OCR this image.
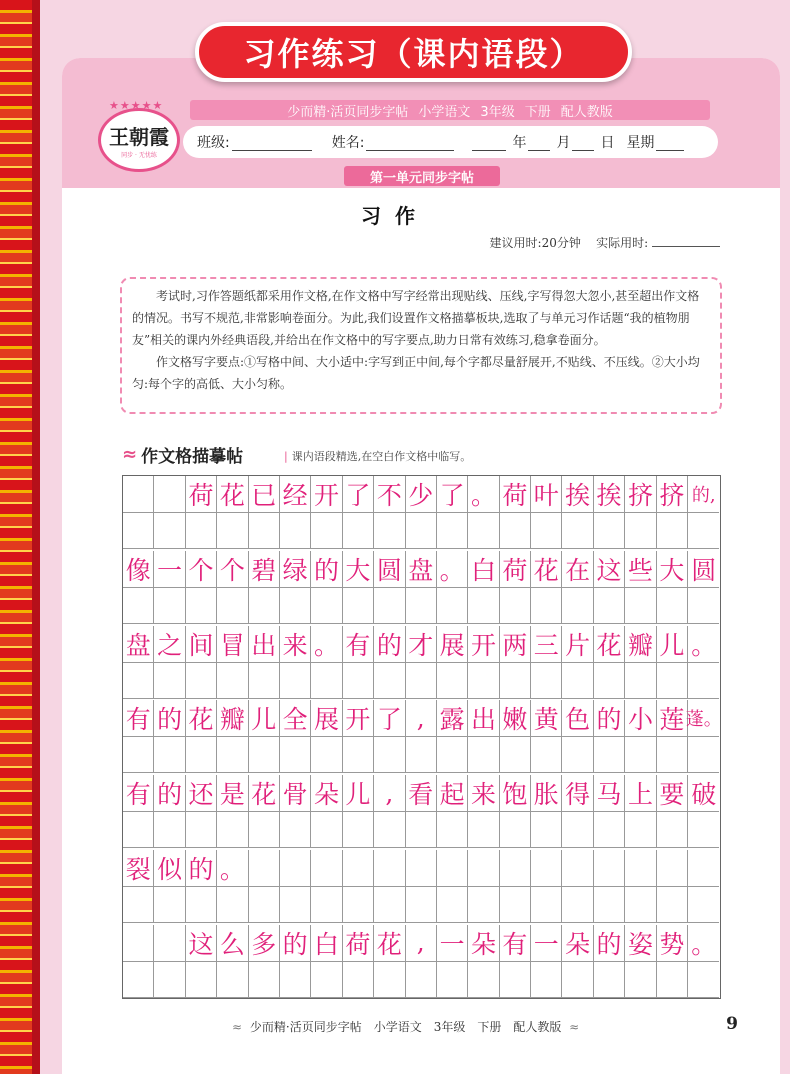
习作练习（课内语段）
少而精·活页同步字帖 小学语文 3年级 下册 配人教版
★★★★★
王朝霞
同步 · 无忧练
班级:	姓名:	年 月 日 星期
第一单元同步字帖
习作
建议用时:20分钟 实际用时:

考试时,习作答题纸都采用作文格,在作文格中写字经常出现贴线、压线,字写得忽大忽小,甚至超出作文格的情况。书写不规范,非常影响卷面分。为此,我们设置作文格描摹板块,选取了与单元习作话题“我的植物朋友”相关的课内外经典语段,并给出在作文格中的写字要点,助力日常有效练习,稳拿卷面分。

作文格写字要点:①写格中间、大小适中:字写到正中间,每个字都尽量舒展开,不贴线、不压线。②大小均匀:每个字的高低、大小匀称。

≈ 作文格描摹帖
|	课内语段精选,在空白作文格中临写。
荷 花 已 经 开 了 不 少 了 。 荷 叶 挨 挨 挤 挤 的,
像 一 个 个 碧 绿 的 大 圆 盘 。 白 荷 花 在 这 些 大 圆
盘 之 间 冒 出 来 。 有 的 才 展 开 两 三 片 花 瓣 儿 。
有 的 花 瓣 儿 全 展 开 了 , 露 出 嫩 黄 色 的 小 莲 蓬。
有 的 还 是 花 骨 朵 儿 , 看 起 来 饱 胀 得 马 上 要 破
裂 似 的 。
这 么 多 的 白 荷 花 , 一 朵 有 一 朵 的 姿 势 。
≈ 少而精·活页同步字帖　小学语文　3年级　下册　配人教版 ≈	9
